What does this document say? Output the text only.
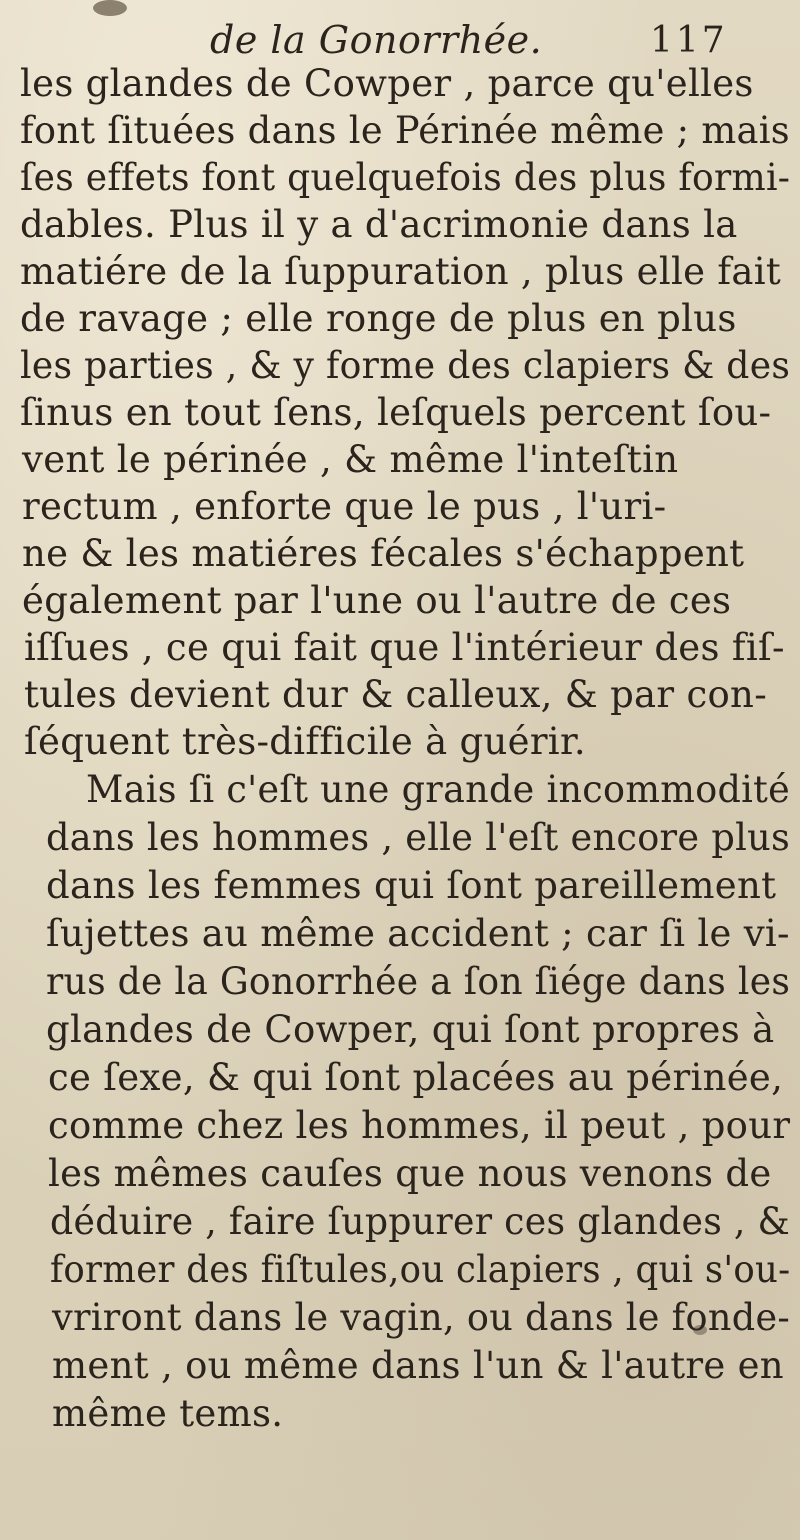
de la Gonorrhée.	117
les glandes de Cowper , parce qu'elles
font ſituées dans le Périnée même ; mais
ſes effets font quelquefois des plus formi-
dables. Plus il y a d'acrimonie dans la
matiére de la ſuppuration , plus elle fait
de ravage ; elle ronge de plus en plus
les parties , & y forme des clapiers & des
ſinus en tout ſens, leſquels percent ſou-
vent le périnée , & même l'inteſtin
rectum , enforte que le pus , l'uri-
ne & les matiéres fécales s'échappent
également par l'une ou l'autre de ces
iſſues , ce qui fait que l'intérieur des fiſ-
tules devient dur & calleux, & par con-
ſéquent très-difficile à guérir.
Mais ſi c'eſt une grande incommodité
dans les hommes , elle l'eſt encore plus
dans les femmes qui ſont pareillement
ſujettes au même accident ; car ſi le vi-
rus de la Gonorrhée a ſon ſiége dans les
glandes de Cowper, qui ſont propres à
ce ſexe, & qui ſont placées au périnée,
comme chez les hommes, il peut , pour
les mêmes cauſes que nous venons de
déduire , faire ſuppurer ces glandes , &
former des fiſtules,ou clapiers , qui s'ou-
vriront dans le vagin, ou dans le fonde-
ment , ou même dans l'un & l'autre en
même tems.
